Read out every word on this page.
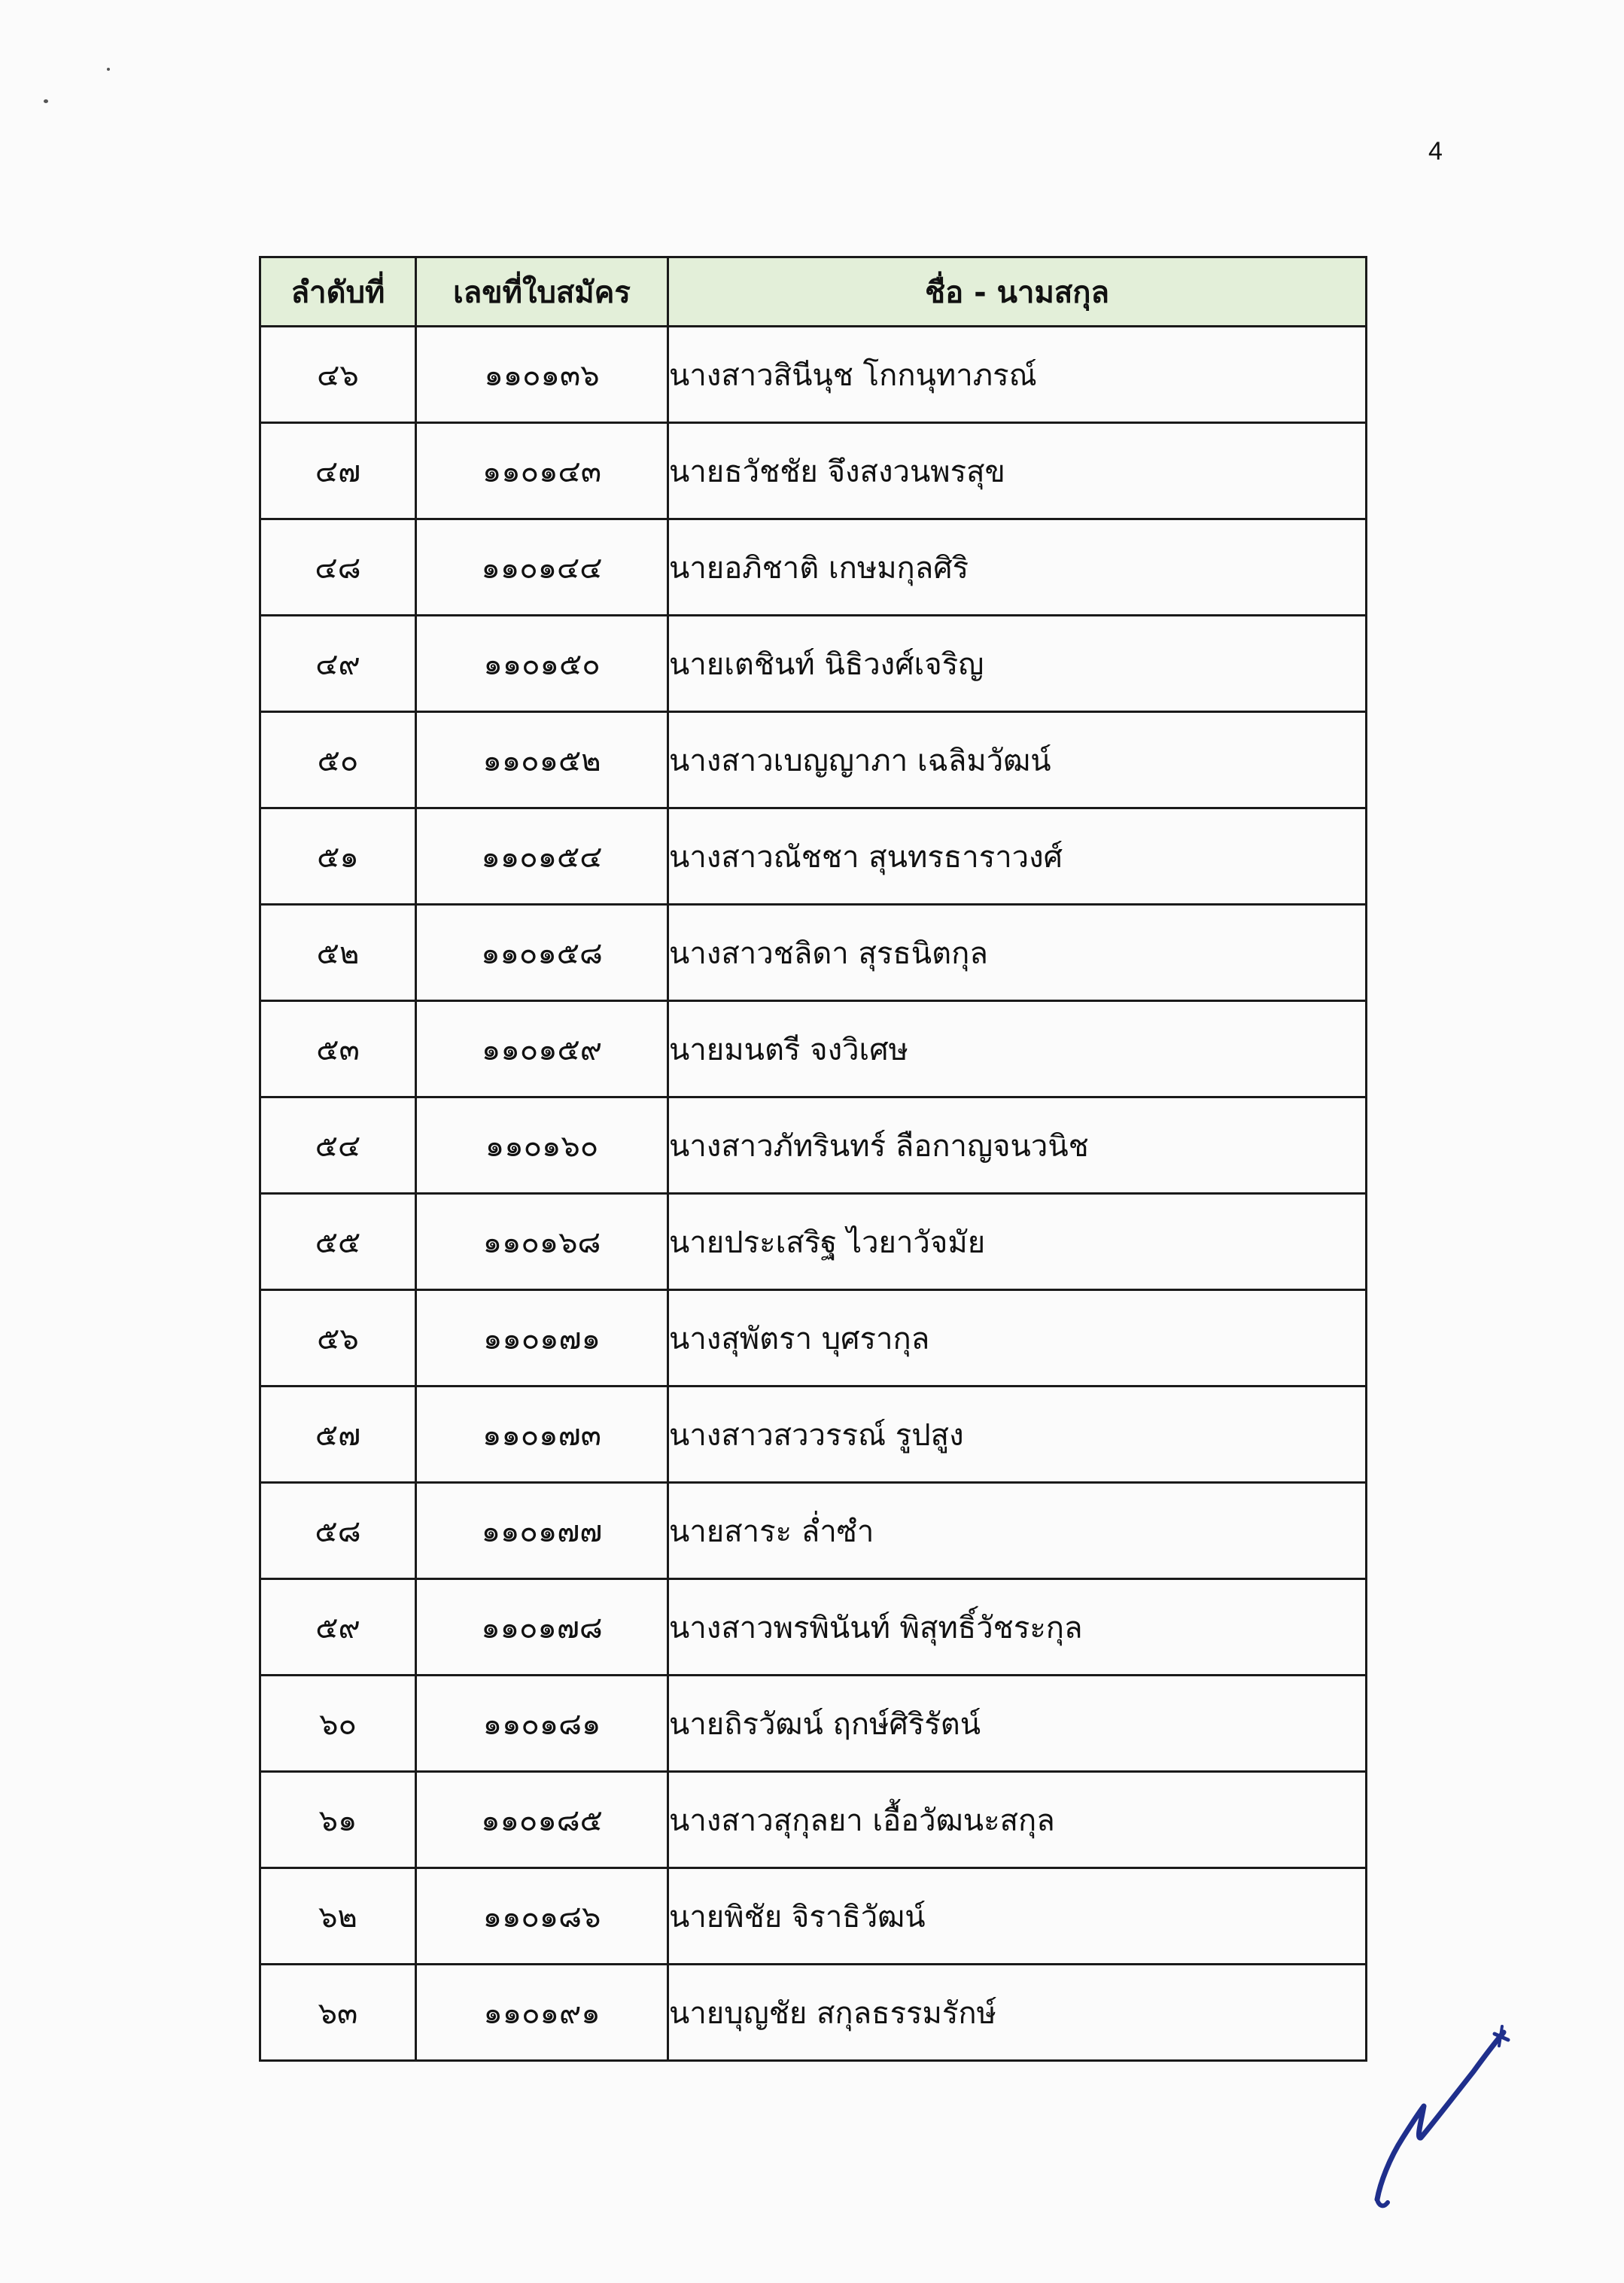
4
ลำดับที่	เลขที่ใบสมัคร	ชื่อ - นามสกุล
๔๖	๑๑๐๑๓๖	นางสาวสินีนุช โกกนุทาภรณ์
๔๗	๑๑๐๑๔๓	นายธวัชชัย จึงสงวนพรสุข
๔๘	๑๑๐๑๔๔	นายอภิชาติ เกษมกุลศิริ
๔๙	๑๑๐๑๕๐	นายเตชินท์ นิธิวงศ์เจริญ
๕๐	๑๑๐๑๕๒	นางสาวเบญญาภา เฉลิมวัฒน์
๕๑	๑๑๐๑๕๔	นางสาวณัชชา สุนทรธาราวงศ์
๕๒	๑๑๐๑๕๘	นางสาวชลิดา สุรธนิตกุล
๕๓	๑๑๐๑๕๙	นายมนตรี จงวิเศษ
๕๔	๑๑๐๑๖๐	นางสาวภัทรินทร์ ลือกาญจนวนิช
๕๕	๑๑๐๑๖๘	นายประเสริฐ ไวยาวัจมัย
๕๖	๑๑๐๑๗๑	นางสุพัตรา บุศรากุล
๕๗	๑๑๐๑๗๓	นางสาวสววรรณ์ รูปสูง
๕๘	๑๑๐๑๗๗	นายสาระ ล่ำซำ
๕๙	๑๑๐๑๗๘	นางสาวพรพินันท์ พิสุทธิ์วัชระกุล
๖๐	๑๑๐๑๘๑	นายถิรวัฒน์ ฤกษ์ศิริรัตน์
๖๑	๑๑๐๑๘๕	นางสาวสุกุลยา เอื้อวัฒนะสกุล
๖๒	๑๑๐๑๘๖	นายพิชัย จิราธิวัฒน์
๖๓	๑๑๐๑๙๑	นายบุญชัย สกุลธรรมรักษ์
